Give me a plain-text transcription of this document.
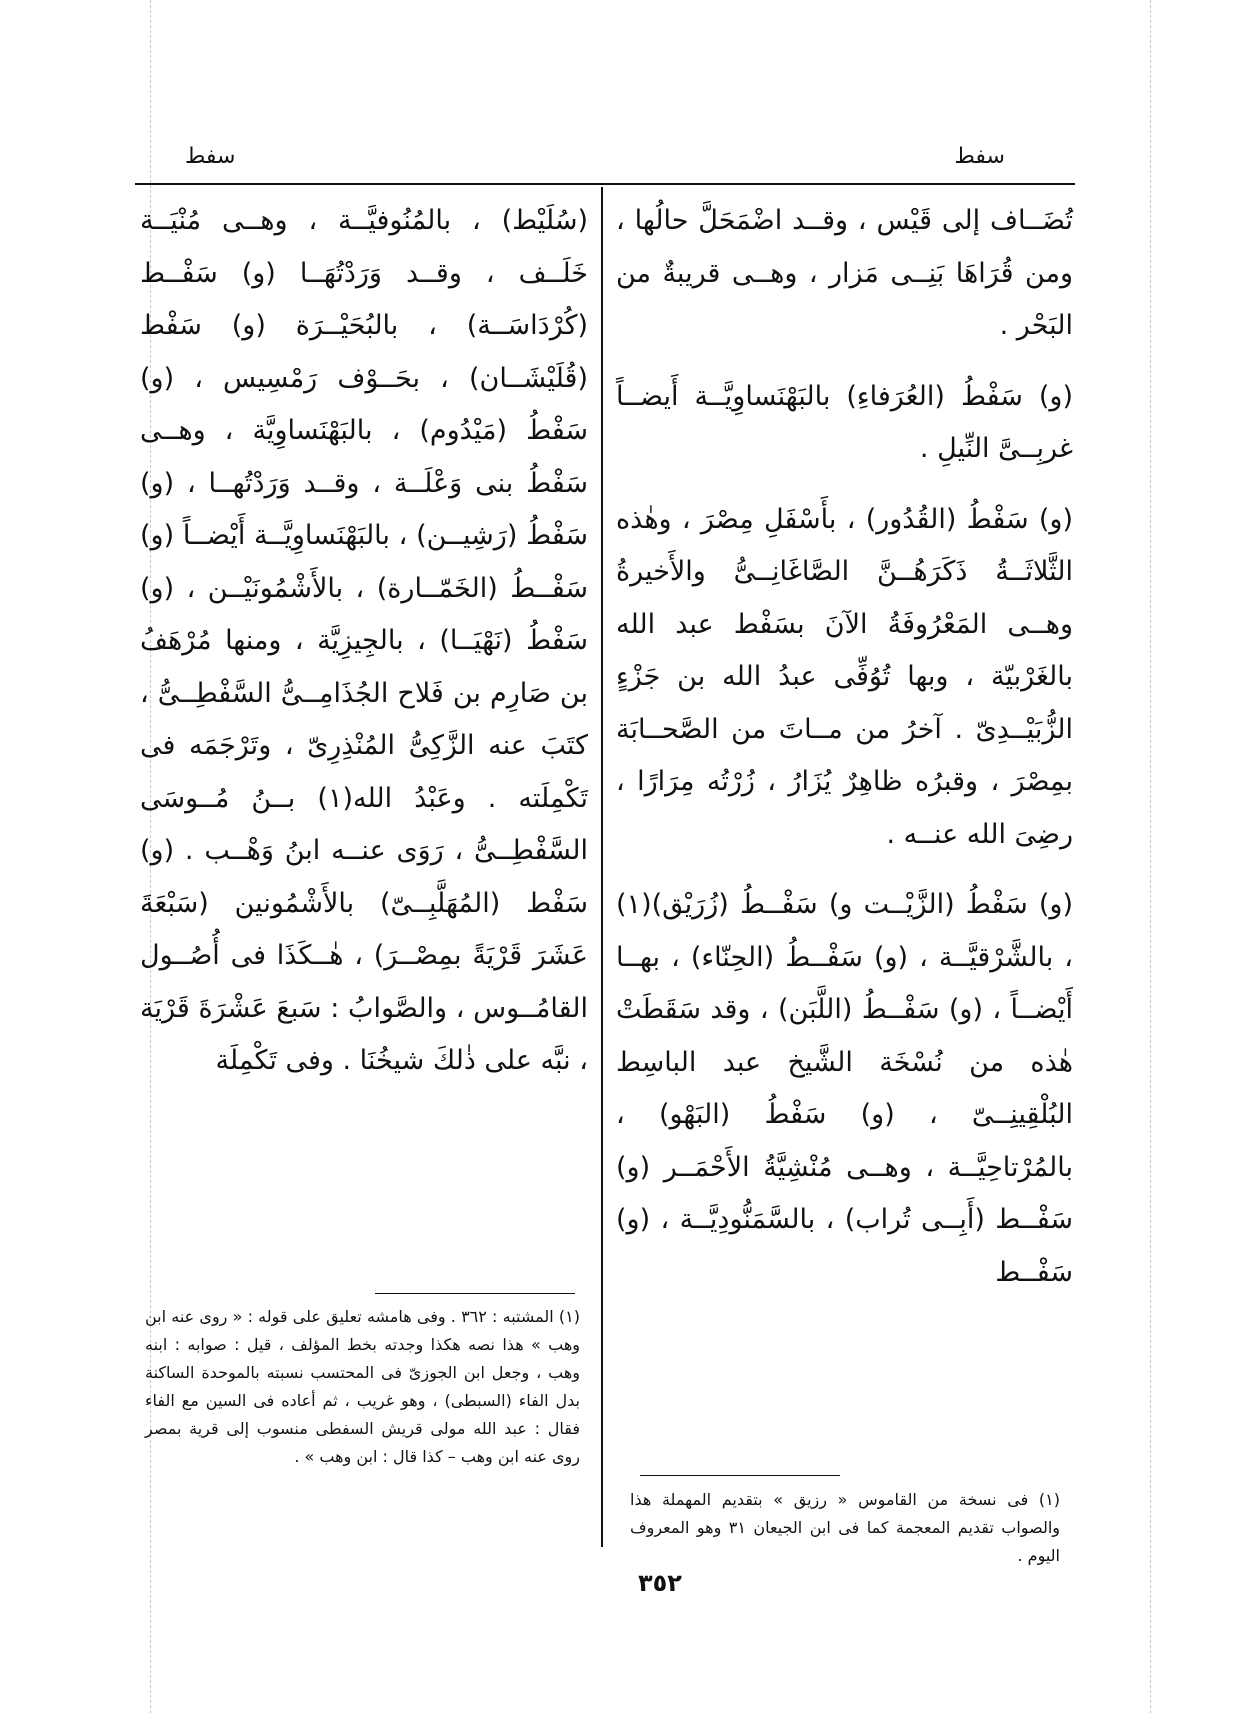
سفط
سفط

تُضَــاف إلى قَيْس ، وقــد اضْمَحَلَّ حالُها ، ومن قُرَاهَا بَنِــى مَزار ، وهــى قريبةٌ من البَحْر .

(و) سَفْطُ (العُرَفاءِ) بالبَهْنَساوِيَّــة أَيضــاً غربِــىَّ النِّيلِ .

(و) سَفْطُ (القُدُور) ، بأَسْفَلِ مِصْرَ ، وهٰذه الثَّلاثَــةُ ذَكَرَهُــنَّ الصَّاغَانِــىُّ والأَخيرةُ وهــى المَعْرُوفَةُ الآنَ بسَفْط عبد الله بالغَرْبيّة ، وبها تُوُفِّى عبدُ الله بن جَزْءٍ الزُّبَيْــدِىّ . آخرُ من مــاتَ من الصَّحــابَة بمِصْرَ ، وقبرُه ظاهِرٌ يُزَارُ ، زُرْتُه مِرَارًا ، رضِىَ الله عنــه .

(و) سَفْطُ (الزَّيْــت و) سَفْــطُ (زُرَيْق)(١) ، بالشَّرْقيَّــة ، (و) سَفْــطُ (الحِنّاء) ، بهــا أَيْضــاً ، (و) سَفْــطُ (اللَّبَن) ، وقد سَقَطَتْ هٰذه من نُسْخَة الشَّيخ عبد الباسِط البُلْقِينِــىّ ، (و) سَفْطُ (البَهْو) ، بالمُرْتاحِيَّــة ، وهــى مُنْشِيَّةُ الأَحْمَــر (و) سَفْــط (أَبِــى تُراب) ، بالسَّمَنُّودِيَّــة ، (و) سَفْــط

(سُلَيْط) ، بالمُنُوفيَّــة ، وهــى مُنْيَــة خَلَــف ، وقــد وَرَدْتُهَــا (و) سَفْــط (كُرْدَاسَــة) ، بالبُحَيْــرَة (و) سَفْط (قُلَيْشَــان) ، بحَــوْف رَمْسِيس ، (و) سَفْطُ (مَيْدُوم) ، بالبَهْنَساوِيَّة ، وهــى سَفْطُ بنى وَعْلَــة ، وقــد وَرَدْتُهــا ، (و) سَفْطُ (رَشِيــن) ، بالبَهْنَساوِيَّــة أَيْضــاً (و) سَفْــطُ (الخَمّــارة) ، بالأَشْمُونَيْــن ، (و) سَفْطُ (نَهْيَــا) ، بالجِيزِيَّة ، ومنها مُرْهَفُ بن صَارِم بن فَلاح الجُذَامِــىُّ السَّفْطِــىُّ ، كتَبَ عنه الزَّكِىُّ المُنْذِرِىّ ، وتَرْجَمَه فى تَكْمِلَته . وعَبْدُ الله(١) بــنُ مُــوسَى السَّفْطِــىُّ ، رَوَى عنــه ابنُ وَهْــب . (و) سَفْط (المُهَلَّبِــىّ) بالأَشْمُونين (سَبْعَةَ عَشَرَ قَرْيَةً بمِصْــرَ) ، هٰــكَذَا فى أُصُــول القامُــوس ، والصَّوابُ : سَبعَ عَشْرَةَ قَرْيَة ، نبَّه على ذٰلكَ شيخُنَا . وفى تَكْمِلَة

(١) فى نسخة من القاموس « رزيق » بتقديم المهملة هذا والصواب تقديم المعجمة كما فى ابن الجيعان ٣١ وهو المعروف اليوم .
(١) المشتبه : ٣٦٢ . وفى هامشه تعليق على قوله : « روى عنه ابن وهب » هذا نصه هكذا وجدته بخط المؤلف ، قيل : صوابه : ابنه وهب ، وجعل ابن الجوزىّ فى المحتسب نسبته بالموحدة الساكنة بدل الفاء (السبطى) ، وهو غريب ، ثم أعاده فى السين مع الفاء فقال : عبد الله مولى قريش السفطى منسوب إلى قرية بمصر روى عنه ابن وهب – كذا قال : ابن وهب » .
٣٥٢
